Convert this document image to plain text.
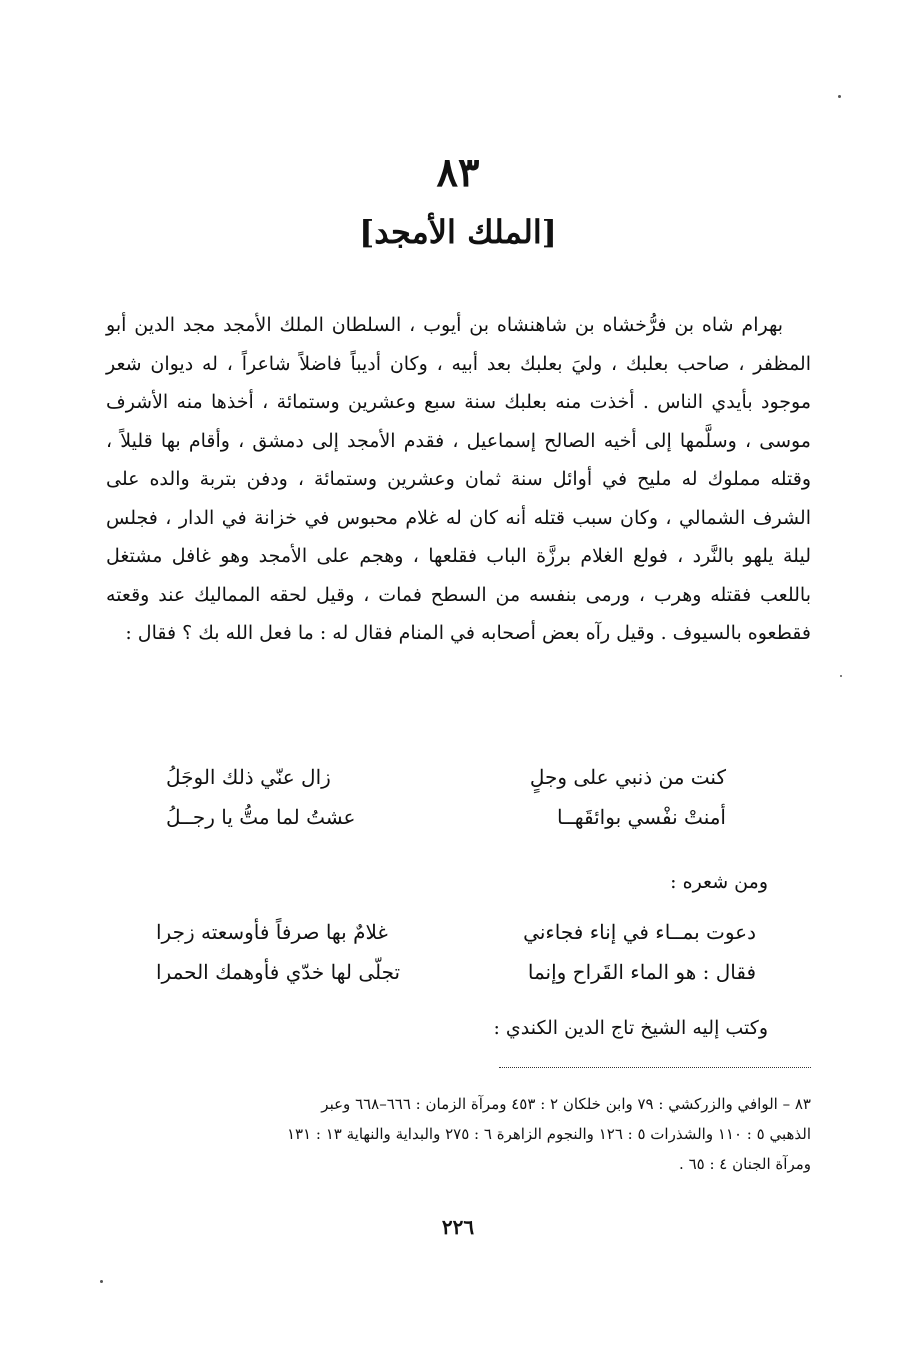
٨٣
[الملك الأمجد]

بهرام شاه بن فرُّخشاه بن شاهنشاه بن أيوب ، السلطان الملك الأمجد مجد الدين أبو المظفر ، صاحب بعلبك ، وليَ بعلبك بعد أبيه ، وكان أديباً فاضلاً شاعراً ، له ديوان شعر موجود بأيدي الناس . أخذت منه بعلبك سنة سبع وعشرين وستمائة ، أخذها منه الأشرف موسى ، وسلَّمها إلى أخيه الصالح إسماعيل ، فقدم الأمجد إلى دمشق ، وأقام بها قليلاً ، وقتله مملوك له مليح في أوائل سنة ثمان وعشرين وستمائة ، ودفن بتربة والده على الشرف الشمالي ، وكان سبب قتله أنه كان له غلام محبوس في خزانة في الدار ، فجلس ليلة يلهو بالنَّرد ، فولع الغلام برزَّة الباب فقلعها ، وهجم على الأمجد وهو غافل مشتغل باللعب فقتله وهرب ، ورمى بنفسه من السطح فمات ، وقيل لحقه المماليك عند وقعته فقطعوه بالسيوف . وقيل رآه بعض أصحابه في المنام فقال له : ما فعل الله بك ؟ فقال :

كنت من ذنبي على وجلٍ
زال عنّي ذلك الوجَلُ
أمنتْ نفْسي بوائقَهــا
عشتُ لما متُّ يا رجــلُ
ومن شعره :
دعوت بمــاء في إناء فجاءني
غلامٌ بها صرفاً فأوسعته زجرا
فقال : هو الماء القَراح وإنما
تجلّى لها خدّي فأوهمك الحمرا
وكتب إليه الشيخ تاج الدين الكندي :

٨٣ – الوافي والزركشي : ٧٩ وابن خلكان ٢ : ٤٥٣ ومرآة الزمان : ٦٦٦–٦٦٨ وعبر

الذهبي ٥ : ١١٠ والشذرات ٥ : ١٢٦ والنجوم الزاهرة ٦ : ٢٧٥ والبداية والنهاية ١٣ : ١٣١

ومرآة الجنان ٤ : ٦٥ .

٢٢٦
